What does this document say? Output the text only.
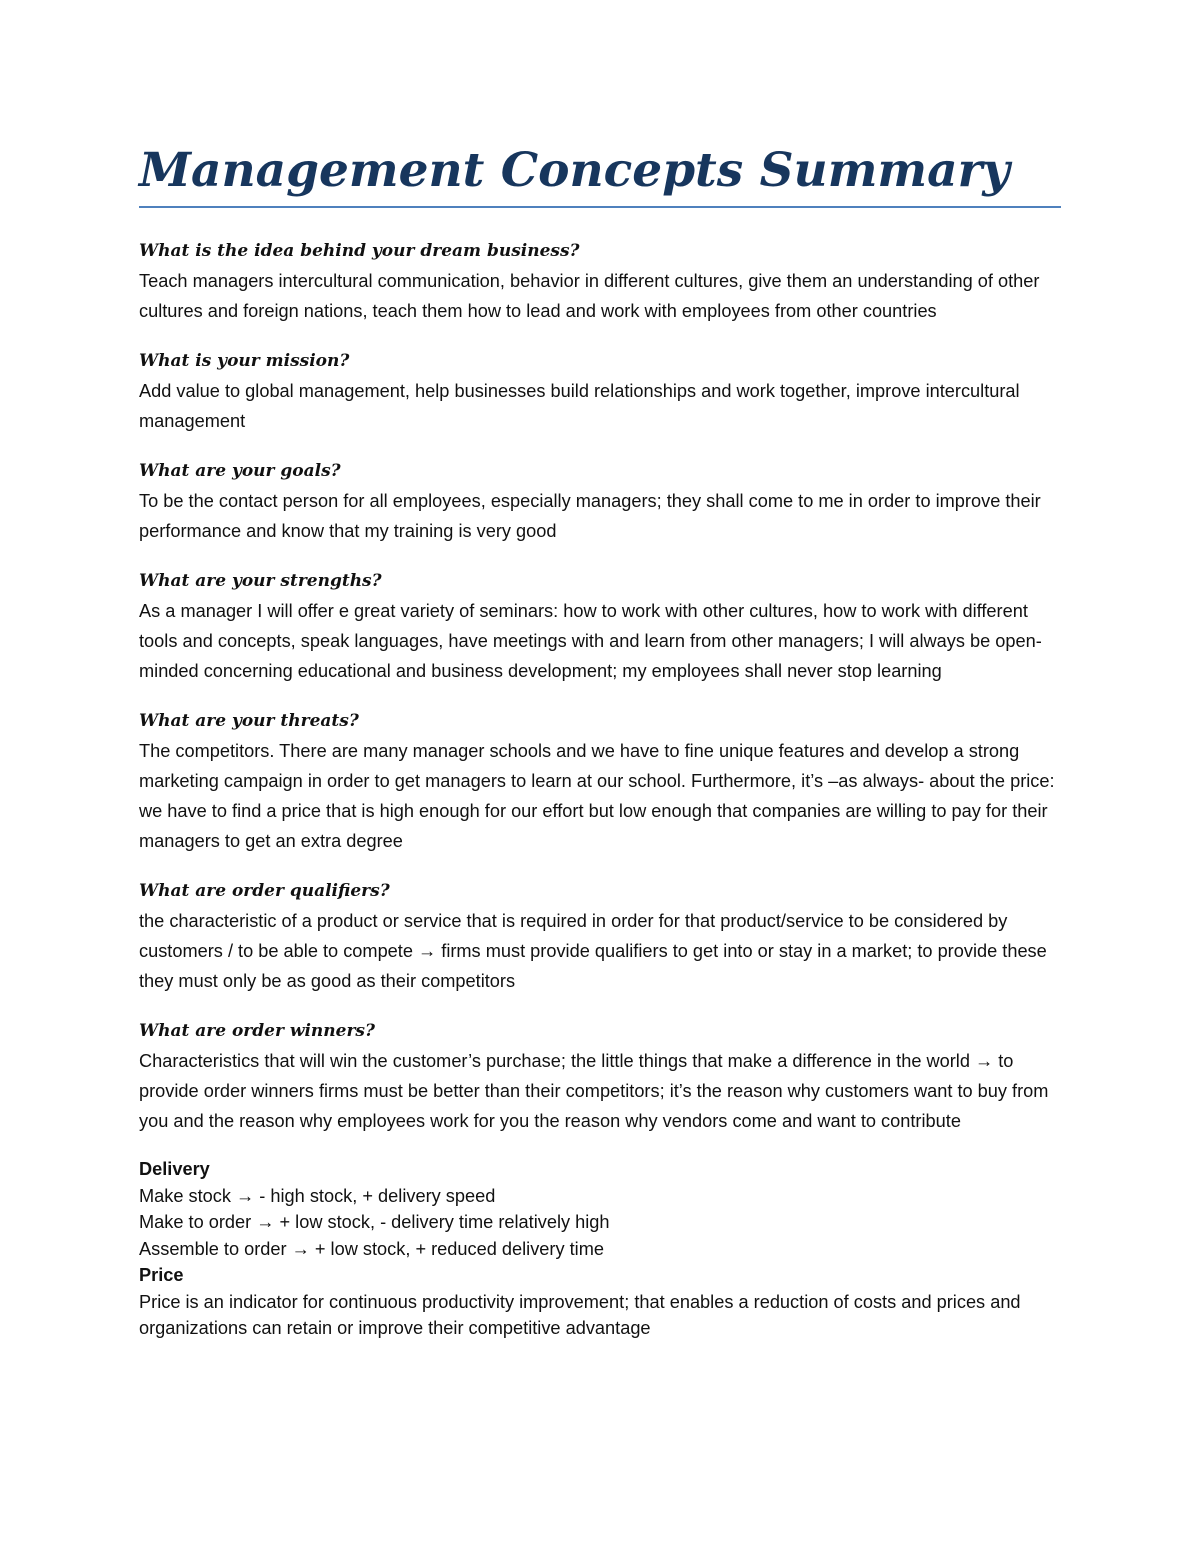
Management Concepts Summary

What is the idea behind your dream business?

Teach managers intercultural communication, behavior in different cultures, give them an understanding of other cultures and foreign nations, teach them how to lead and work with employees from other countries

What is your mission?

Add value to global management, help businesses build relationships and work together, improve intercultural management

What are your goals?

To be the contact person for all employees, especially managers; they shall come to me in order to improve their performance and know that my training is very good

What are your strengths?

As a manager I will offer e great variety of seminars: how to work with other cultures, how to work with different tools and concepts, speak languages, have meetings with and learn from other managers; I will always be open-minded concerning educational and business development; my employees shall never stop learning

What are your threats?

The competitors. There are many manager schools and we have to fine unique features and develop a strong marketing campaign in order to get managers to learn at our school. Furthermore, it’s –as always- about the price: we have to find a price that is high enough for our effort but low enough that companies are willing to pay for their managers to get an extra degree

What are order qualifiers?

the characteristic of a product or service that is required in order for that product/service to be considered by customers / to be able to compete → firms must provide qualifiers to get into or stay in a market; to provide these they must only be as good as their competitors

What are order winners?

Characteristics that will win the customer’s purchase; the little things that make a difference in the world → to provide order winners firms must be better than their competitors; it’s the reason why customers want to buy from you and the reason why employees work for you the reason why vendors come and want to contribute

Delivery

Make stock → - high stock, + delivery speed

Make to order → + low stock, - delivery time relatively high

Assemble to order → + low stock, + reduced delivery time

Price

Price is an indicator for continuous productivity improvement; that enables a reduction of costs and prices and organizations can retain or improve their competitive advantage
